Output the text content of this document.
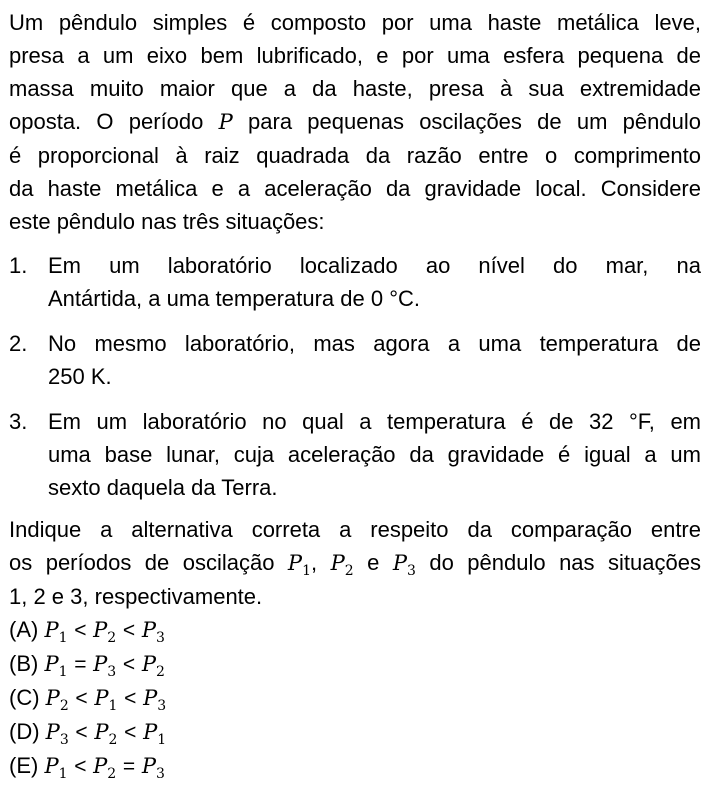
Um pêndulo simples é composto por uma haste metálica leve,
presa a um eixo bem lubrificado, e por uma esfera pequena de
massa muito maior que a da haste, presa à sua extremidade
oposta. O período P para pequenas oscilações de um pêndulo
é proporcional à raiz quadrada da razão entre o comprimento
da haste metálica e a aceleração da gravidade local. Considere
este pêndulo nas três situações:

1. Em um laboratório localizado ao nível do mar, na
Antártida, a uma temperatura de 0 °C.
2. No mesmo laboratório, mas agora a uma temperatura de
250 K.
3. Em um laboratório no qual a temperatura é de 32 °F, em
uma base lunar, cuja aceleração da gravidade é igual a um
sexto daquela da Terra.

Indique a alternativa correta a respeito da comparação entre
os períodos de oscilação $P_1$, $P_2$ e $P_3$ do pêndulo nas situações
1, 2 e 3, respectivamente.

(A) $P_1 < P_2 < P_3$
(B) $P_1 = P_3 < P_2$
(C) $P_2 < P_1 < P_3$
(D) $P_3 < P_2 < P_1$
(E) $P_1 < P_2 = P_3$
